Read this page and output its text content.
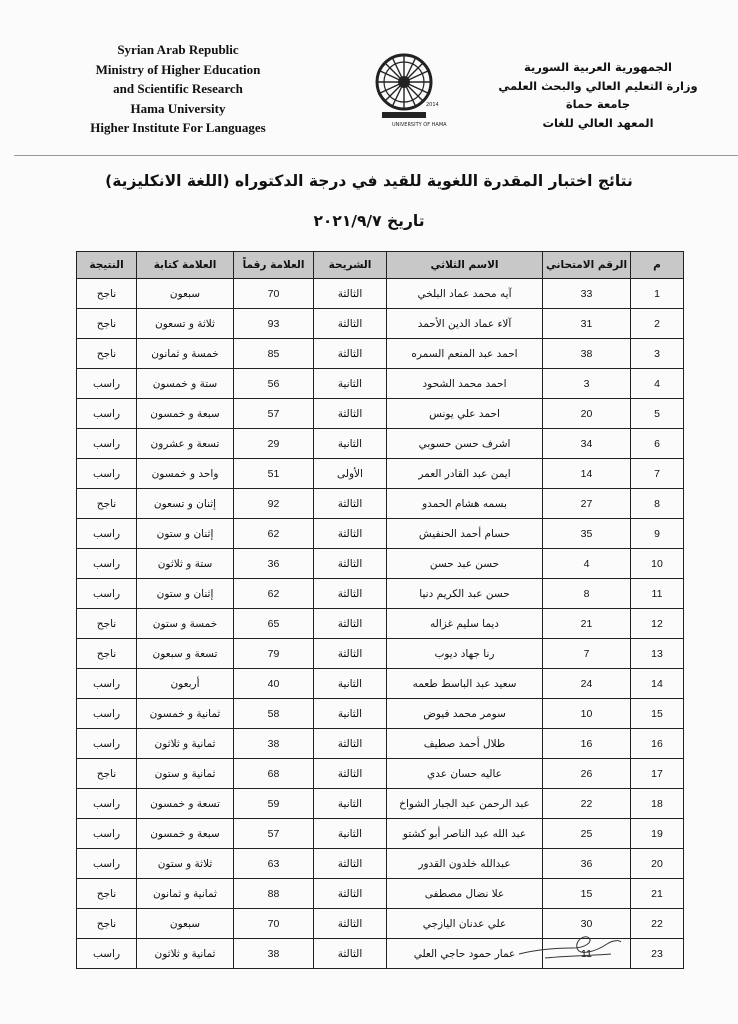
Syrian Arab Republic
Ministry of Higher Education
and Scientific Research
Hama University
Higher Institute For Languages	UNIVERSITY OF HAMA
2014
الجمهورية العربية السورية
وزارة التعليم العالي والبحث العلمي
جامعة حماة
المعهد العالي للغات
نتائج اختبار المقدرة اللغوية للقيد في درجة الدكتوراه (اللغة الانكليزية)
تاريخ ٢٠٢١/٩/٧
م	الرقم الامتحاني	الاسم الثلاثي	الشريحة	العلامة رقماً	العلامة كتابة	النتيجة
1	33	آيه محمد عماد البلخي	الثالثة	70	سبعون	ناجح
2	31	آلاء عماد الدين الأحمد	الثالثة	93	ثلاثة و تسعون	ناجح
3	38	احمد عبد المنعم السمره	الثالثة	85	خمسة و ثمانون	ناجح
4	3	احمد محمد الشحود	الثانية	56	ستة و خمسون	راسب
5	20	احمد علي يونس	الثالثة	57	سبعة و خمسون	راسب
6	34	اشرف حسن حسوبي	الثانية	29	تسعة و عشرون	راسب
7	14	ايمن عبد القادر العمر	الأولى	51	واحد و خمسون	راسب
8	27	بسمه هشام الحمدو	الثالثة	92	إثنان و تسعون	ناجح
9	35	حسام أحمد الحنفيش	الثالثة	62	إثنان و ستون	راسب
10	4	حسن عبد حسن	الثالثة	36	ستة و ثلاثون	راسب
11	8	حسن عبد الكريم دنيا	الثالثة	62	إثنان و ستون	راسب
12	21	ديما سليم غزاله	الثالثة	65	خمسة و ستون	ناجح
13	7	رنا جهاد ديوب	الثالثة	79	تسعة و سبعون	ناجح
14	24	سعيد عبد الباسط طعمه	الثانية	40	أربعون	راسب
15	10	سومر محمد فيوض	الثانية	58	ثمانية و خمسون	راسب
16	16	طلال أحمد صطيف	الثالثة	38	ثمانية و ثلاثون	راسب
17	26	عاليه حسان عدي	الثالثة	68	ثمانية و ستون	ناجح
18	22	عبد الرحمن عبد الجبار الشواخ	الثانية	59	تسعة و خمسون	راسب
19	25	عبد الله عبد الناصر أبو كشتو	الثانية	57	سبعة و خمسون	راسب
20	36	عبدالله خلدون القدور	الثالثة	63	ثلاثة و ستون	راسب
21	15	علا نضال مصطفى	الثالثة	88	ثمانية و ثمانون	ناجح
22	30	علي عدنان اليازجي	الثالثة	70	سبعون	ناجح
23	11	عمار حمود حاجي العلي	الثالثة	38	ثمانية و ثلاثون	راسب
